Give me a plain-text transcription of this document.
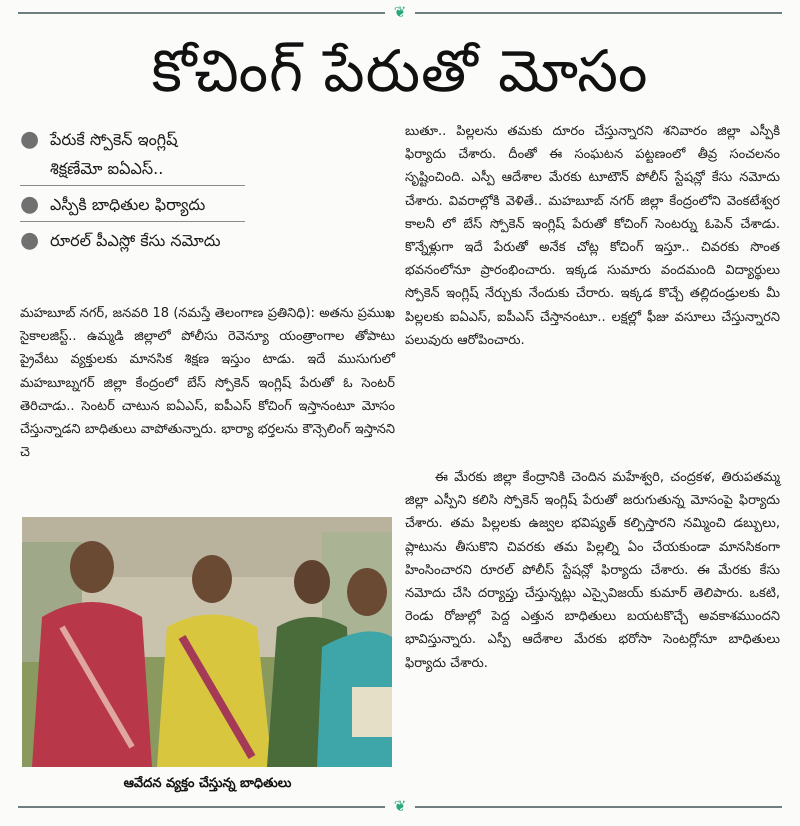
❦
కోచింగ్ పేరుతో మోసం
● పేరుకే స్పోకెన్ ఇంగ్లిష్
శిక్షణేమో ఐఏఎస్..
● ఎస్పీకి బాధితుల ఫిర్యాదు
● రూరల్ పీఎస్లో కేసు నమోదు
మహబూబ్ నగర్, జనవరి 18 (నమస్తే తెలంగాణ ప్రతినిధి): అతను ప్రముఖ సైకాలజిస్ట్.. ఉమ్మడి జిల్లాలో పోలీసు రెవెన్యూ యంత్రాంగాల తోపాటు ప్రైవేటు వ్యక్తులకు మానసిక శిక్షణ ఇస్తుం టాడు. ఇదే ముసుగులో మహబూబ్నగర్ జిల్లా కేంద్రంలో బేస్ స్పోకెన్ ఇంగ్లిష్ పేరుతో ఓ సెంటర్ తెరిచాడు.. సెంటర్ చాటున ఐఏఎస్, ఐపీఎస్ కోచింగ్ ఇస్తానంటూ మోసం చేస్తున్నాడని బాధితులు వాపోతున్నారు. భార్యా భర్తలను కౌన్సెలింగ్ ఇస్తానని చె
ఆవేదన వ్యక్తం చేస్తున్న బాధితులు
బుతూ.. పిల్లలను తమకు దూరం చేస్తున్నారని శనివారం జిల్లా ఎస్పీకి ఫిర్యాదు చేశారు. దీంతో ఈ సంఘటన పట్టణంలో తీవ్ర సంచలనం సృష్టించింది. ఎస్పీ ఆదేశాల మేరకు టూటౌన్ పోలీస్ స్టేషన్లో కేసు నమోదు చేశారు. వివరాల్లోకి వెళితే.. మహబూబ్ నగర్ జిల్లా కేంద్రంలోని వెంకటేశ్వర కాలనీ లో బేస్ స్పోకెన్ ఇంగ్లిష్ పేరుతో కోచింగ్ సెంటర్ను ఓపెన్ చేశాడు. కొన్నేళ్లుగా ఇదే పేరుతో అనేక చోట్ల కోచింగ్ ఇస్తూ.. చివరకు సొంత భవనంలోనూ ప్రారంభించారు. ఇక్కడ సుమారు వందమంది విద్యార్థులు స్పోకెన్ ఇంగ్లిష్ నేర్చుకు నేందుకు చేరారు. ఇక్కడ కొచ్చే తల్లిదండ్రులకు మీ పిల్లలకు ఐఏఎస్, ఐపీఎస్ చేస్తానంటూ.. లక్షల్లో ఫీజు వసూలు చేస్తున్నారని పలువురు ఆరోపించారు.
ఈ మేరకు జిల్లా కేంద్రానికి చెందిన మహేశ్వరి, చంద్రకళ, తిరుపతమ్మ జిల్లా ఎస్పీని కలిసి స్పోకెన్ ఇంగ్లిష్ పేరుతో జరుగుతున్న మోసంపై ఫిర్యాదు చేశారు. తమ పిల్లలకు ఉజ్వల భవిష్యత్ కల్పిస్తారని నమ్మించి డబ్బులు, ప్లాటును తీసుకొని చివరకు తమ పిల్లల్ని ఏం చేయకుండా మానసికంగా హింసించారని రూరల్ పోలీస్ స్టేషన్లో ఫిర్యాదు చేశారు. ఈ మేరకు కేసు నమోదు చేసి దర్యాప్తు చేస్తున్నట్లు ఎస్సైవిజయ్ కుమార్ తెలిపారు. ఒకటి, రెండు రోజుల్లో పెద్ద ఎత్తున బాధితులు బయటకొచ్చే అవకాశముందని భావిస్తున్నారు. ఎస్పీ ఆదేశాల మేరకు భరోసా సెంటర్లోనూ బాధితులు ఫిర్యాదు చేశారు.
❦
